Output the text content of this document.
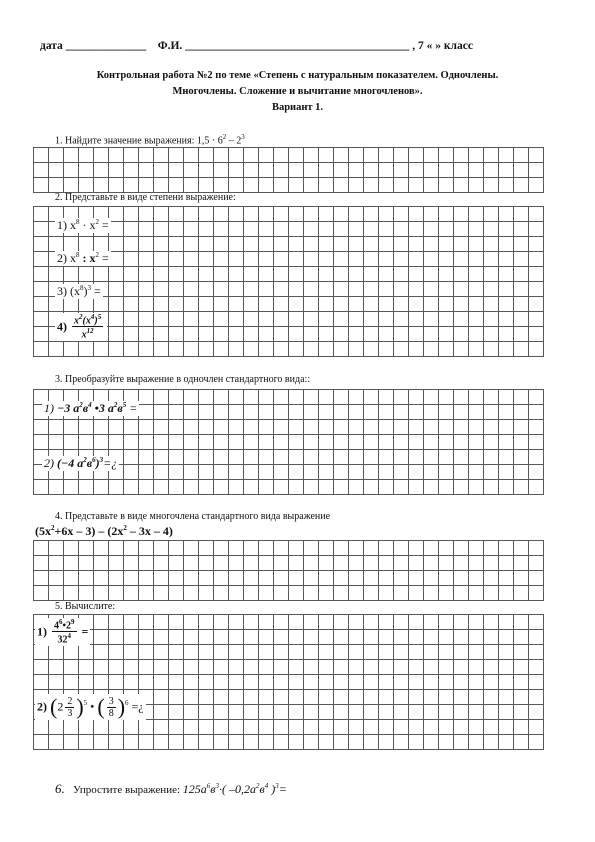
дата ______________ Ф.И. _______________________________________ , 7 « » класс
Контрольная работа №2 по теме «Степень с натуральным показателем. Одночлены.
Многочлены. Сложение и вычитание многочленов».
Вариант 1.
1. Найдите значение выражения: $1,5 \cdot 6^2 - 2^3$
2. Представьте в виде степени выражение:
1) $x^8 \cdot x^2$ =
2) $x^8$ : $x^2$ =
3) $(x^8)^3$ =
$4) \frac{x^2(x^4)^5}{x^{12}}$
3. Преобразуйте выражение в одночлен стандартного вида::
1) −3 $a^2в^4$ •3 $a^2в^5$ =
2) (−4 $a^2в^6)^3=¿$
4. Представьте в виде многочлена стандартного вида выражение
$(5x^2+6x - 3) - (2x^2 - 3x - 4)$
5. Вычислите:
$1) \frac{4^6•2^9}{32^4}$ =
2) $(2 \frac{2}{3} )^5$ • ( $\frac{3}{8} )^6$ =¿
6. Упростите выражение: $125a^6в^3\cdot$( $-0,2a^2в^4$ )$^3$=
